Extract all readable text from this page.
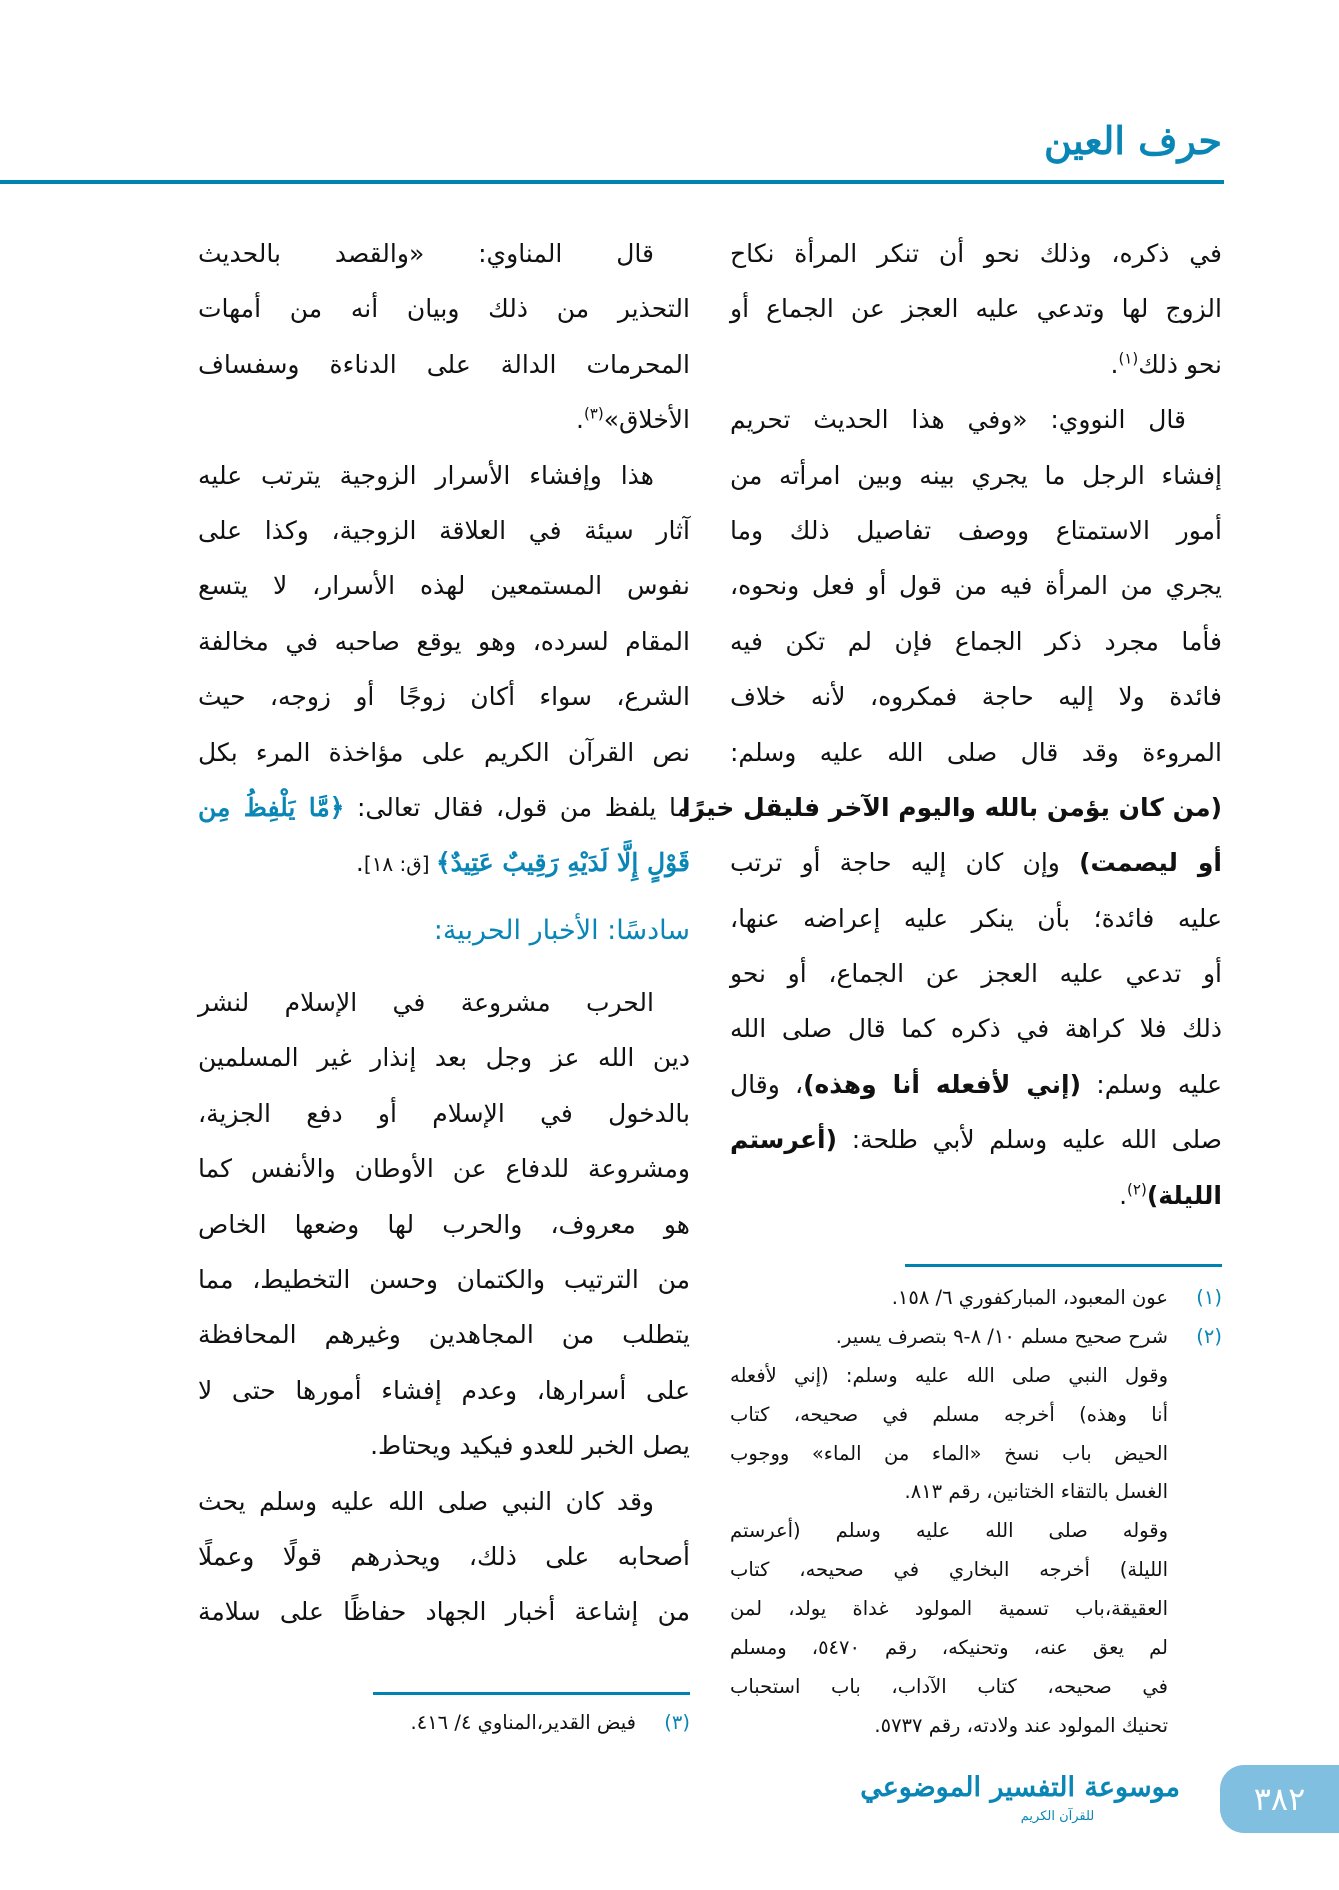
حرف العين
في ذكره، وذلك نحو أن تنكر المرأة نكاح
الزوج لها وتدعي عليه العجز عن الجماع أو
نحو ذلك$^{(١)}$.
قال النووي: «وفي هذا الحديث تحريم
إفشاء الرجل ما يجري بينه وبين امرأته من
أمور الاستمتاع ووصف تفاصيل ذلك وما
يجري من المرأة فيه من قول أو فعل ونحوه،
فأما مجرد ذكر الجماع فإن لم تكن فيه
فائدة ولا إليه حاجة فمكروه، لأنه خلاف
المروءة وقد قال صلى الله عليه وسلم:
(من كان يؤمن بالله واليوم الآخر فليقل خيرًا
أو ليصمت) وإن كان إليه حاجة أو ترتب
عليه فائدة؛ بأن ينكر عليه إعراضه عنها،
أو تدعي عليه العجز عن الجماع، أو نحو
ذلك فلا كراهة في ذكره كما قال صلى الله
عليه وسلم: (إني لأفعله أنا وهذه)، وقال
صلى الله عليه وسلم لأبي طلحة: (أعرستم
الليلة)$^{(٢)}$.
قال المناوي: «والقصد بالحديث
التحذير من ذلك وبيان أنه من أمهات
المحرمات الدالة على الدناءة وسفساف
الأخلاق»$^{(٣)}$.
هذا وإفشاء الأسرار الزوجية يترتب عليه
آثار سيئة في العلاقة الزوجية، وكذا على
نفوس المستمعين لهذه الأسرار، لا يتسع
المقام لسرده، وهو يوقع صاحبه في مخالفة
الشرع، سواء أكان زوجًا أو زوجه، حيث
نص القرآن الكريم على مؤاخذة المرء بكل
ما يلفظ من قول، فقال تعالى: ﴿مَّا يَلْفِظُ مِن
قَوْلٍ إِلَّا لَدَيْهِ رَقِيبٌ عَتِيدٌ﴾ [ق: ١٨].
سادسًا: الأخبار الحربية:
الحرب مشروعة في الإسلام لنشر
دين الله عز وجل بعد إنذار غير المسلمين
بالدخول في الإسلام أو دفع الجزية،
ومشروعة للدفاع عن الأوطان والأنفس كما
هو معروف، والحرب لها وضعها الخاص
من الترتيب والكتمان وحسن التخطيط، مما
يتطلب من المجاهدين وغيرهم المحافظة
على أسرارها، وعدم إفشاء أمورها حتى لا
يصل الخبر للعدو فيكيد ويحتاط.
وقد كان النبي صلى الله عليه وسلم يحث
أصحابه على ذلك، ويحذرهم قولًا وعملًا
من إشاعة أخبار الجهاد حفاظًا على سلامة
(١)
عون المعبود، المباركفوري ٦/ ١٥٨.
(٢)
شرح صحيح مسلم ١٠/ ٨-٩ بتصرف يسير.
وقول النبي صلى الله عليه وسلم: (إني لأفعله
أنا وهذه) أخرجه مسلم في صحيحه، كتاب
الحيض باب نسخ «الماء من الماء» ووجوب
الغسل بالتقاء الختانين، رقم ٨١٣.
وقوله صلى الله عليه وسلم (أعرستم
الليلة) أخرجه البخاري في صحيحه، كتاب
العقيقة،باب تسمية المولود غداة يولد، لمن
لم يعق عنه، وتحنيكه، رقم ٥٤٧٠، ومسلم
في صحيحه، كتاب الآداب، باب استحباب
تحنيك المولود عند ولادته، رقم ٥٧٣٧.
(٣)
فيض القدير،المناوي ٤/ ٤١٦.
موسوعة التفسير الموضوعي
للقرآن الكريم	٣٨٢
